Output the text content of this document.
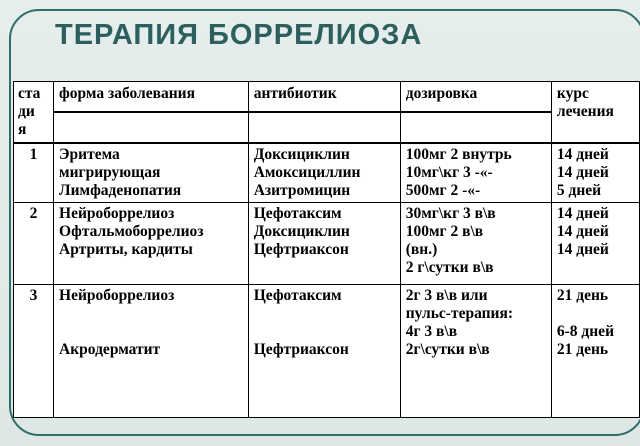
ТЕРАПИЯ БОРРЕЛИОЗА
ста
ди
я	форма заболевания	антибиотик	дозировка	курс
лечения

1	Эритема
мигрирующая
Лимфаденопатия	Доксициклин
Амоксициллин
Азитромицин	100мг 2 внутрь
10мг\кг 3 -«-
500мг 2 -«-	14 дней
14 дней
5 дней

2	Нейроборрелиоз
Офтальмоборрелиоз
Артриты, кардиты	Цефотаксим
Доксициклин
Цефтриаксон	30мг\кг 3 в\в
100мг 2 в\в
(вн.)
2 г\сутки в\в	14 дней
14 дней
14 дней

3	Нейроборрелиоз
Акродерматит	Цефотаксим
Цефтриаксон	2г 3 в\в или
пульс-терапия:
4г 3 в\в
2г\сутки в\в	21 день
6-8 дней
21 день
